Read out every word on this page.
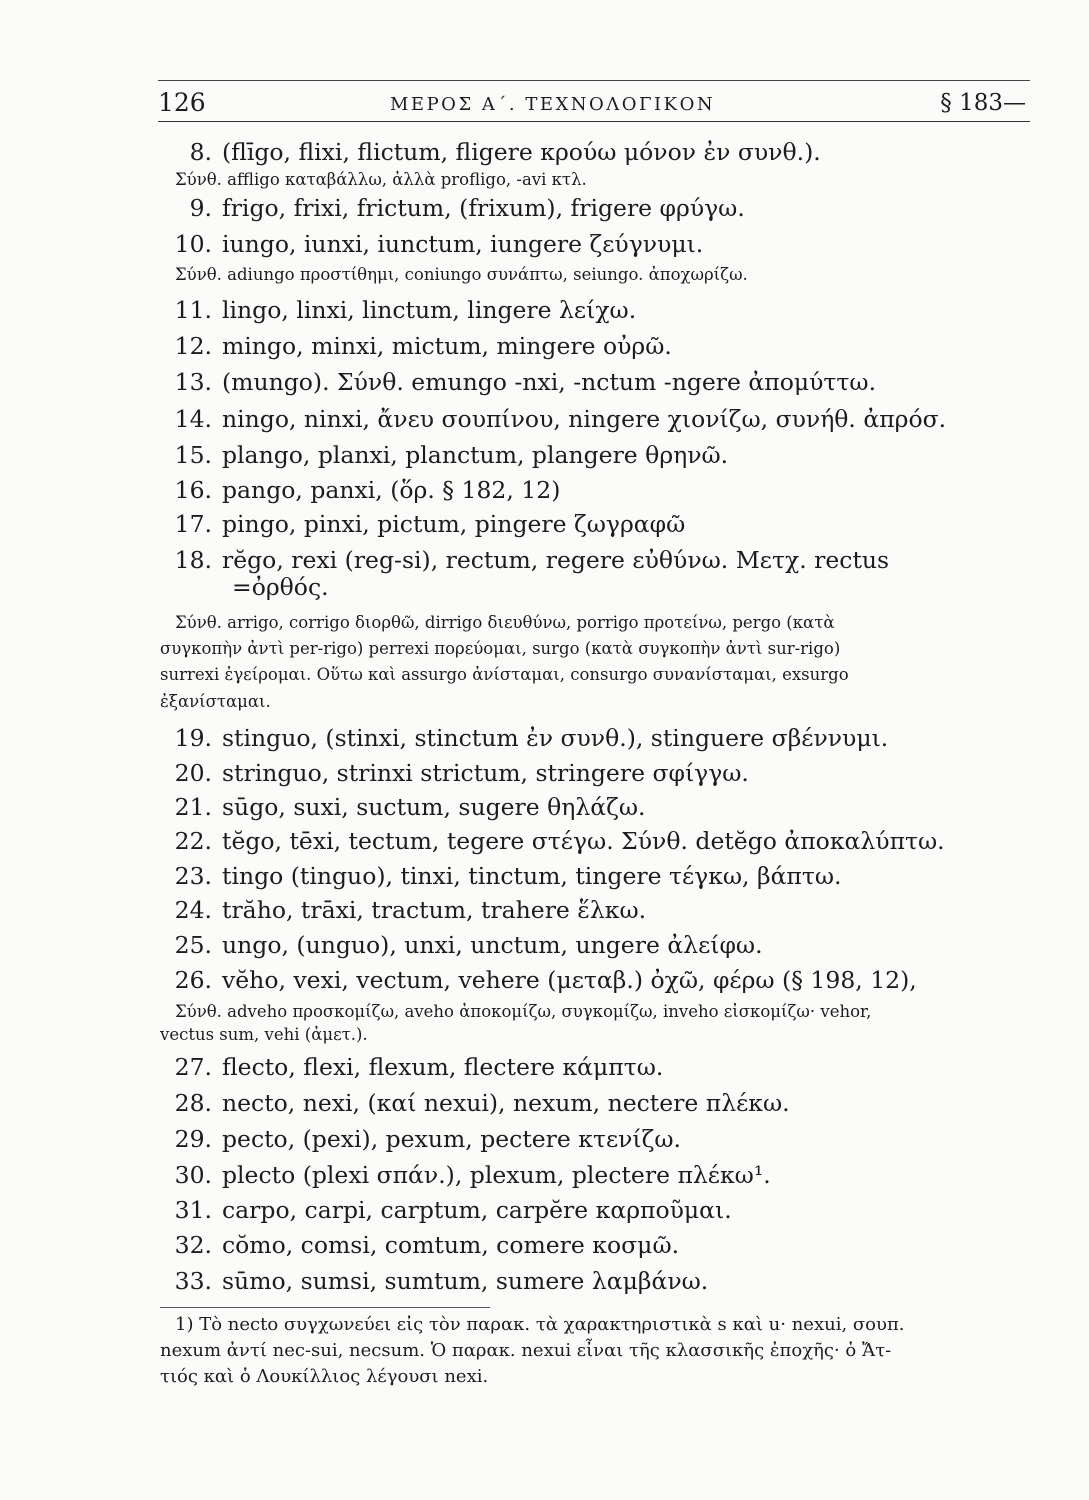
126	ΜΕΡΟΣ Α΄. ΤΕΧΝΟΛΟΓΙΚΟΝ	§ 183—
8. (flīgo, flixi, flictum, fligere κρούω μόνον ἐν συνθ.).
Σύνθ. affligo καταβάλλω, ἀλλὰ profligo, -avi κτλ.
9. frigo, frixi, frictum, (frixum), frigere φρύγω.
10. iungo, iunxi, iunctum, iungere ζεύγνυμι.
Σύνθ. adiungo προστίθημι, coniungo συνάπτω, seiungo. ἀποχωρίζω.
11. lingo, linxi, linctum, lingere λείχω.
12. mingo, minxi, mictum, mingere οὐρῶ.
13. (mungo). Σύνθ. emungo -nxi, -nctum -ngere ἀπομύττω.
14. ningo, ninxi, ἄνευ σουπίνου, ningere χιονίζω, συνήθ. ἀπρόσ.
15. plango, planxi, planctum, plangere θρηνῶ.
16. pango, panxi, (ὅρ. § 182, 12)
17. pingo, pinxi, pictum, pingere ζωγραφῶ
18. rĕgo, rexi (reg-si), rectum, regere εὐθύνω. Μετχ. rectus
=ὀρθός.
Σύνθ. arrigo, corrigo διορθῶ, dirrigo διευθύνω, porrigo προτείνω, pergo (κατὰ
συγκοπὴν ἀντὶ per-rigo) perrexi πορεύομαι, surgo (κατὰ συγκοπὴν ἀντὶ sur-rigo)
surrexi ἐγείρομαι. Οὕτω καὶ assurgo ἀνίσταμαι, consurgo συνανίσταμαι, exsurgo
ἐξανίσταμαι.
19. stinguo, (stinxi, stinctum ἐν συνθ.), stinguere σβέννυμι.
20. stringuo, strinxi strictum, stringere σφίγγω.
21. sūgo, suxi, suctum, sugere θηλάζω.
22. tĕgo, tēxi, tectum, tegere στέγω. Σύνθ. detĕgo ἀποκαλύπτω.
23. tingo (tinguo), tinxi, tinctum, tingere τέγκω, βάπτω.
24. trăho, trāxi, tractum, trahere ἕλκω.
25. ungo, (unguo), unxi, unctum, ungere ἀλείφω.
26. vĕho, vexi, vectum, vehere (μεταβ.) ὀχῶ, φέρω (§ 198, 12),
Σύνθ. adveho προσκομίζω, aveho ἀποκομίζω, συγκομίζω, inveho εἰσκομίζω· vehor,
vectus sum, vehi (ἀμετ.).
27. flecto, flexi, flexum, flectere κάμπτω.
28. necto, nexi, (καί nexui), nexum, nectere πλέκω.
29. pecto, (pexi), pexum, pectere κτενίζω.
30. plecto (plexi σπάν.), plexum, plectere πλέκω¹.
31. carpo, carpi, carptum, carpĕre καρποῦμαι.
32. cŏmo, comsi, comtum, comere κοσμῶ.
33. sūmo, sumsi, sumtum, sumere λαμβάνω.
1) Τὸ necto συγχωνεύει εἰς τὸν παρακ. τὰ χαρακτηριστικὰ s καὶ u· nexui, σουπ.
nexum ἀντί nec-sui, necsum. Ὁ παρακ. nexui εἶναι τῆς κλασσικῆς ἐποχῆς· ὁ Ἄτ-
τιός καὶ ὁ Λουκίλλιος λέγουσι nexi.
